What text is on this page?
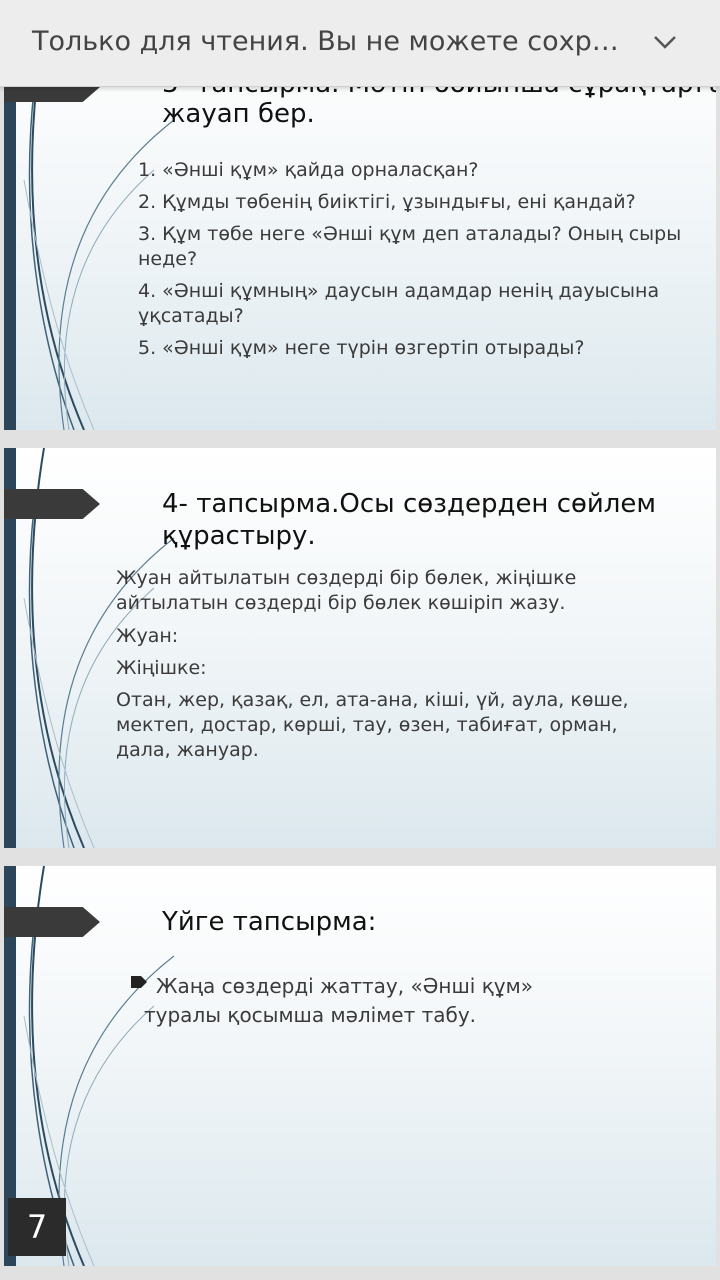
Только для чтения. Вы не можете сохр…
жауап бер.
1. «Әнші құм» қайда орналасқан?
2. Құмды төбенің биіктігі, ұзындығы, ені қандай?
3. Құм төбе неге «Әнші құм деп аталады? Оның сыры неде?
4. «Әнші құмның» даусын адамдар ненің дауысына ұқсатады?
5. «Әнші құм» неге түрін өзгертіп отырады?
4- тапсырма.Осы сөздерден сөйлем құрастыру.
Жуан айтылатын сөздерді бір бөлек, жіңішке айтылатын сөздерді бір бөлек көшіріп жазу.
Жуан:
Жіңішке:
Отан, жер, қазақ, ел, ата-ана, кіші, үй, аула, көше, мектеп, достар, көрші, тау, өзен, табиғат, орман, дала, жануар.
Үйге тапсырма:
Жаңа сөздерді жаттау, «Әнші құм» туралы қосымша мәлімет табу.
7
